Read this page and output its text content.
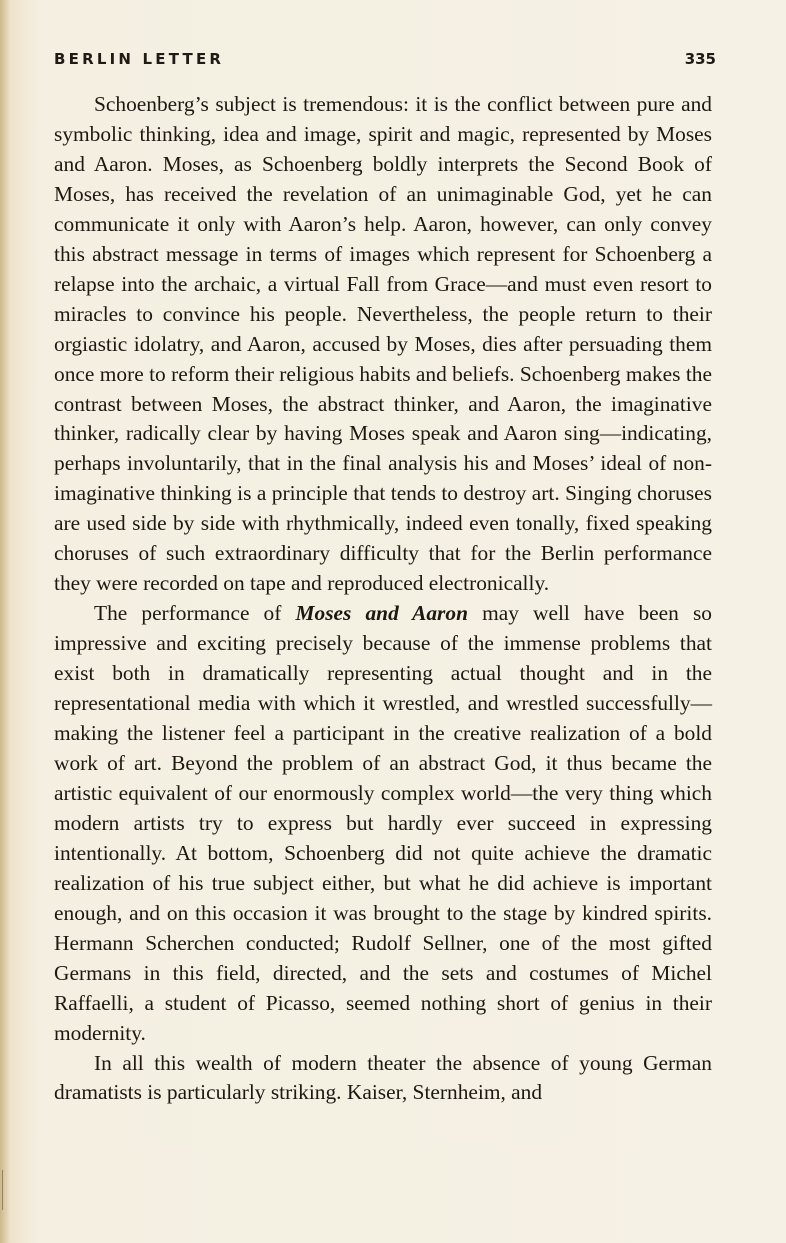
BERLIN LETTER	335

Schoenberg’s subject is tremendous: it is the conflict between pure and symbolic thinking, idea and image, spirit and magic, represented by Moses and Aaron. Moses, as Schoenberg boldly interprets the Second Book of Moses, has received the revelation of an unimaginable God, yet he can communicate it only with Aaron’s help. Aaron, however, can only convey this abstract message in terms of images which represent for Schoenberg a relapse into the archaic, a virtual Fall from Grace—and must even resort to miracles to convince his people. Nevertheless, the people return to their orgiastic idolatry, and Aaron, accused by Moses, dies after persuading them once more to reform their religious habits and beliefs. Schoenberg makes the contrast between Moses, the abstract thinker, and Aaron, the imaginative thinker, radically clear by having Moses speak and Aaron sing—indicating, perhaps involuntarily, that in the final analysis his and Moses’ ideal of non-imaginative thinking is a principle that tends to destroy art. Singing choruses are used side by side with rhythmically, indeed even tonally, fixed speaking choruses of such extraordinary difficulty that for the Berlin performance they were recorded on tape and reproduced electronically.

The performance of Moses and Aaron may well have been so impressive and exciting precisely because of the immense problems that exist both in dramatically representing actual thought and in the representational media with which it wrestled, and wrestled successfully—making the listener feel a participant in the creative realization of a bold work of art. Beyond the problem of an abstract God, it thus became the artistic equivalent of our enormously complex world—the very thing which modern artists try to express but hardly ever succeed in expressing intentionally. At bottom, Schoenberg did not quite achieve the dramatic realization of his true subject either, but what he did achieve is important enough, and on this occasion it was brought to the stage by kindred spirits. Hermann Scherchen conducted; Rudolf Sellner, one of the most gifted Germans in this field, directed, and the sets and costumes of Michel Raffaelli, a student of Picasso, seemed nothing short of genius in their modernity.

In all this wealth of modern theater the absence of young German dramatists is particularly striking. Kaiser, Sternheim, and
